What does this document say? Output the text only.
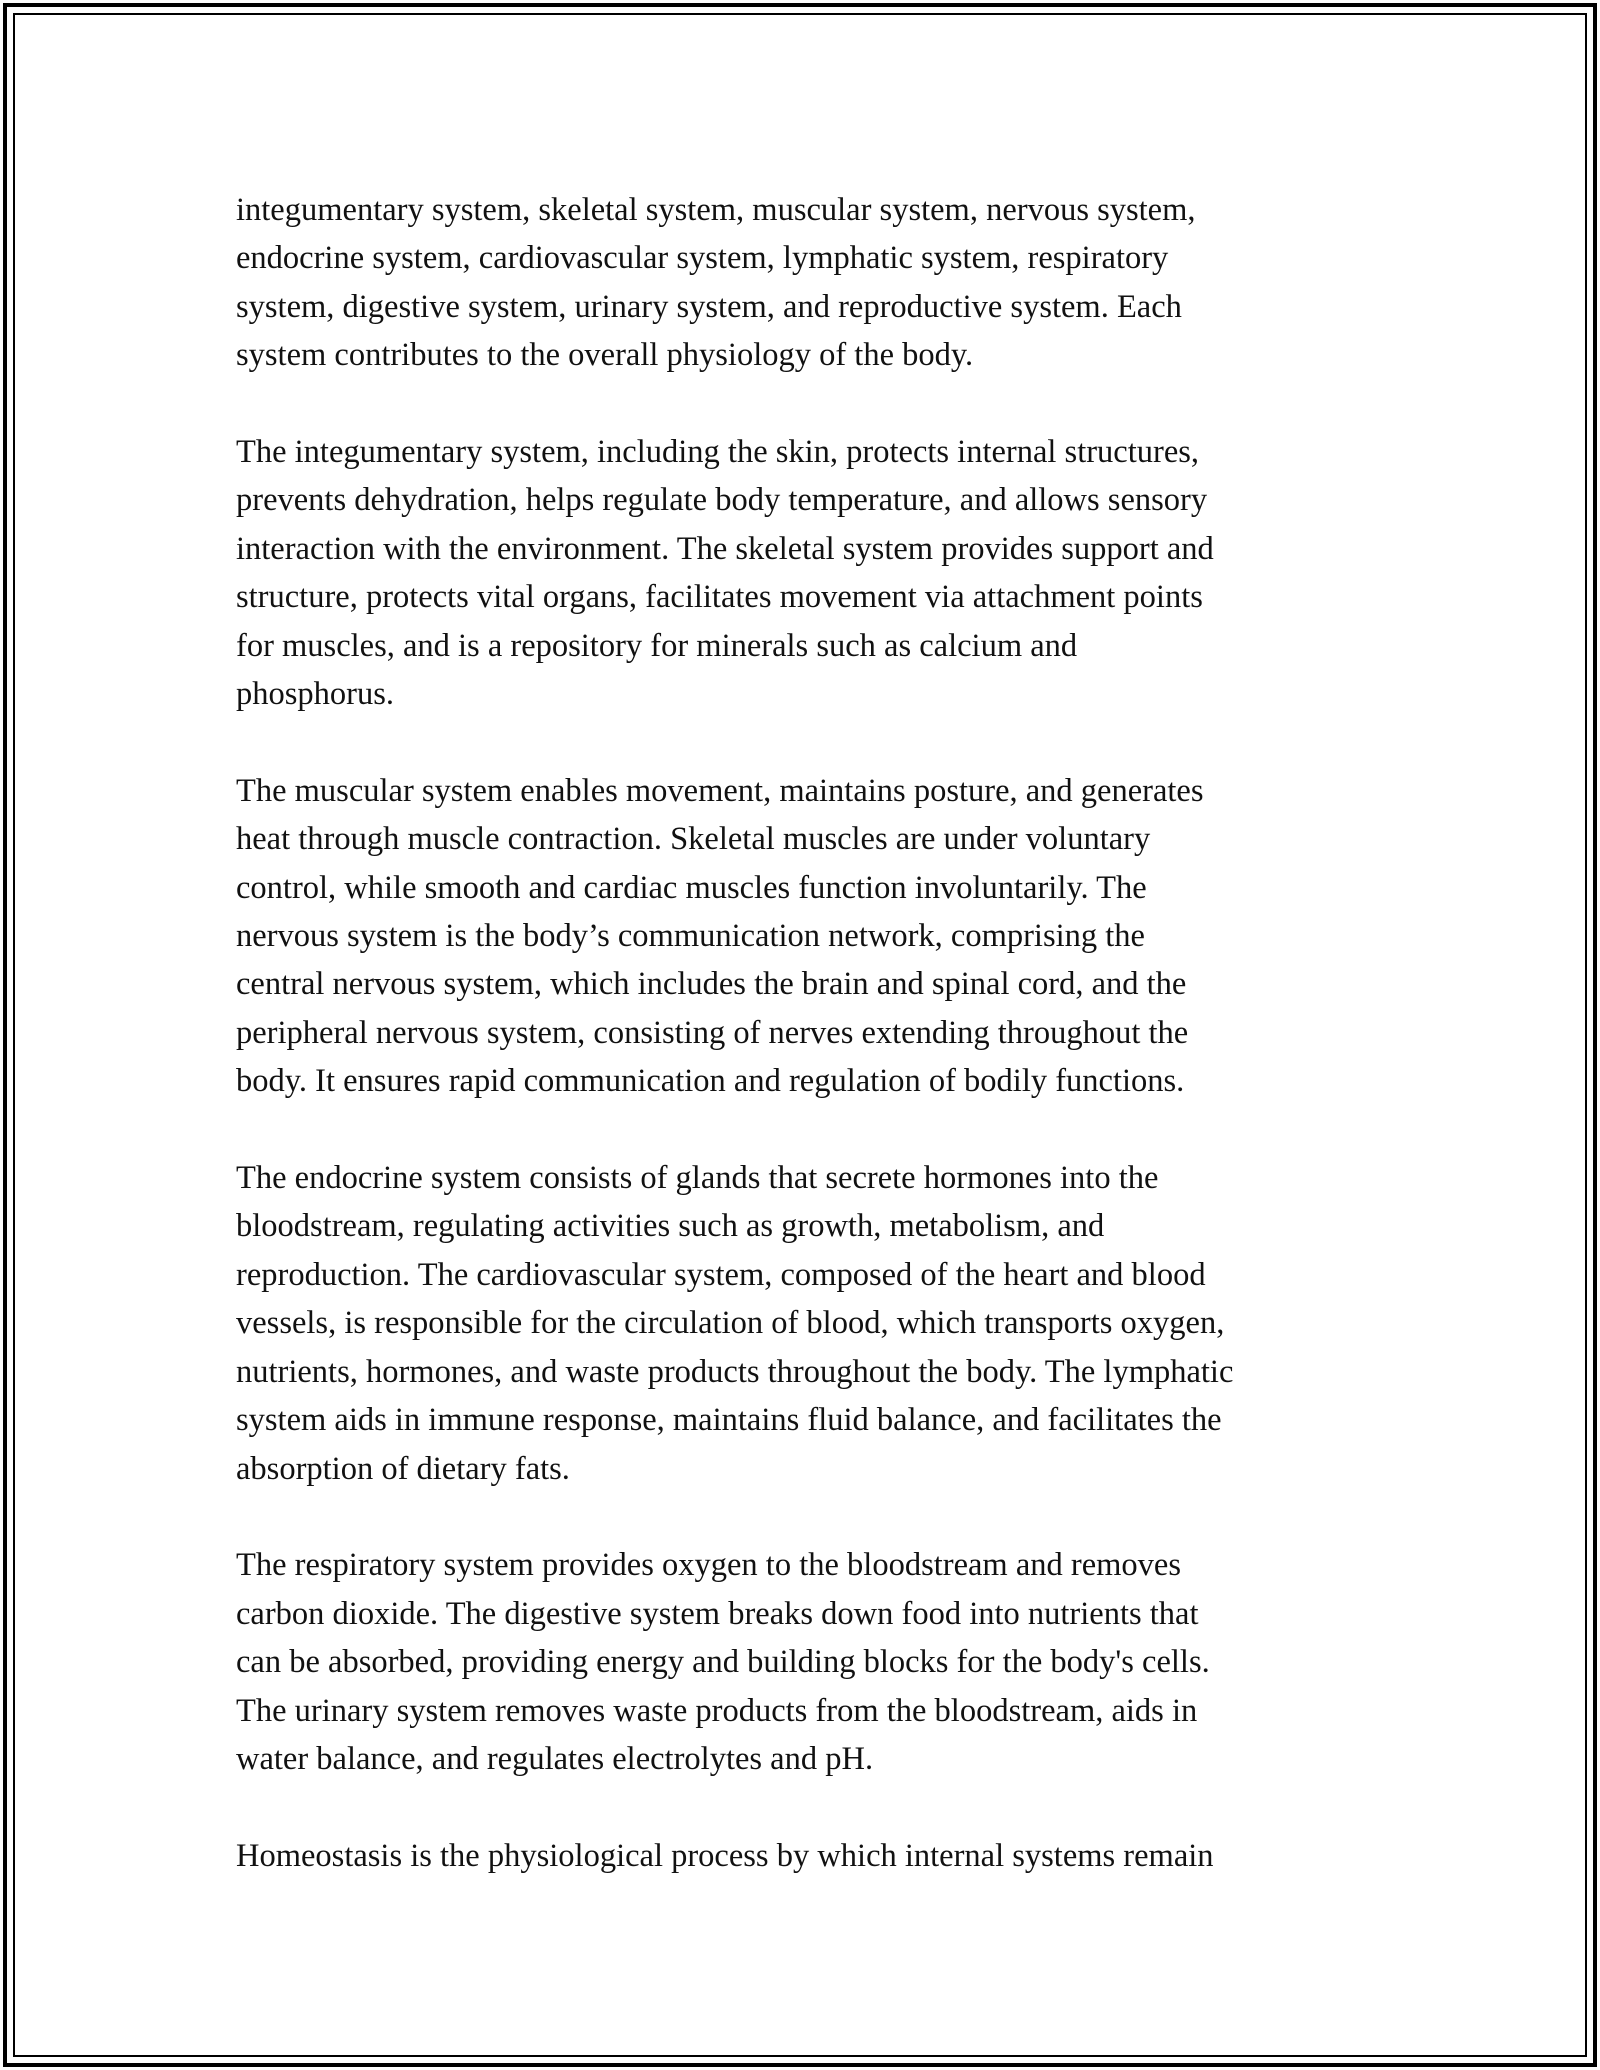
integumentary system, skeletal system, muscular system, nervous system,
endocrine system, cardiovascular system, lymphatic system, respiratory
system, digestive system, urinary system, and reproductive system. Each
system contributes to the overall physiology of the body.

The integumentary system, including the skin, protects internal structures,
prevents dehydration, helps regulate body temperature, and allows sensory
interaction with the environment. The skeletal system provides support and
structure, protects vital organs, facilitates movement via attachment points
for muscles, and is a repository for minerals such as calcium and
phosphorus.

The muscular system enables movement, maintains posture, and generates
heat through muscle contraction. Skeletal muscles are under voluntary
control, while smooth and cardiac muscles function involuntarily. The
nervous system is the body’s communication network, comprising the
central nervous system, which includes the brain and spinal cord, and the
peripheral nervous system, consisting of nerves extending throughout the
body. It ensures rapid communication and regulation of bodily functions.

The endocrine system consists of glands that secrete hormones into the
bloodstream, regulating activities such as growth, metabolism, and
reproduction. The cardiovascular system, composed of the heart and blood
vessels, is responsible for the circulation of blood, which transports oxygen,
nutrients, hormones, and waste products throughout the body. The lymphatic
system aids in immune response, maintains fluid balance, and facilitates the
absorption of dietary fats.

The respiratory system provides oxygen to the bloodstream and removes
carbon dioxide. The digestive system breaks down food into nutrients that
can be absorbed, providing energy and building blocks for the body's cells.
The urinary system removes waste products from the bloodstream, aids in
water balance, and regulates electrolytes and pH.

Homeostasis is the physiological process by which internal systems remain
